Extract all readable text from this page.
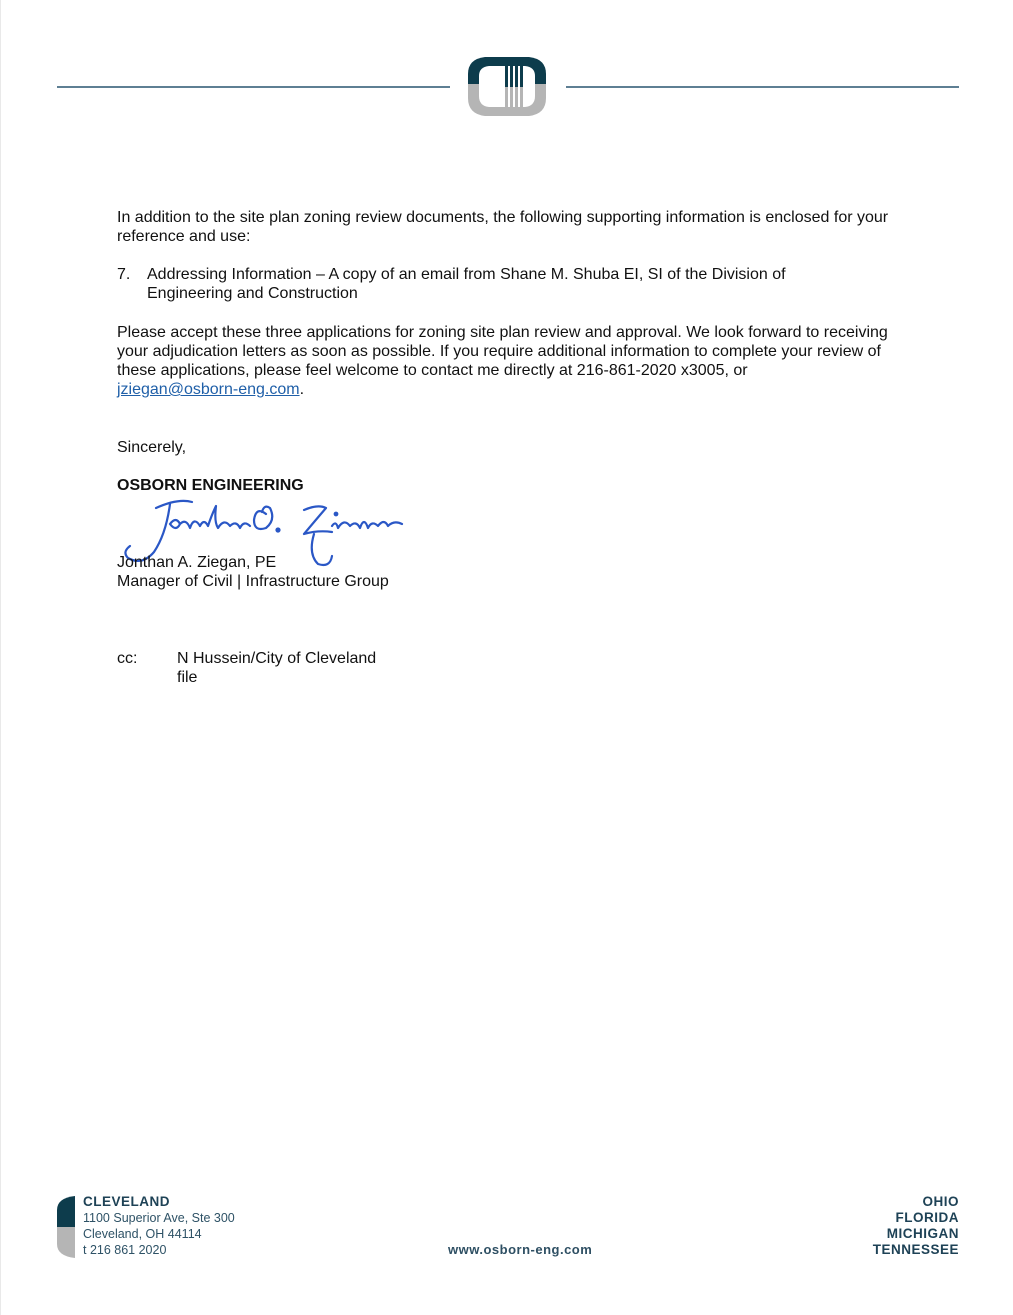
In addition to the site plan zoning review documents, the following supporting information is enclosed for your reference and use:
7. Addressing Information – A copy of an email from Shane M. Shuba EI, SI of the Division of Engineering and Construction
Please accept these three applications for zoning site plan review and approval. We look forward to receiving your adjudication letters as soon as possible. If you require additional information to complete your review of these applications, please feel welcome to contact me directly at 216-861-2020 x3005, or
jziegan@osborn-eng.com.
Sincerely,
OSBORN ENGINEERING
Jonthan A. Ziegan, PE
Manager of Civil | Infrastructure Group
cc: N Hussein/City of Cleveland
file
CLEVELAND
1100 Superior Ave, Ste 300
Cleveland, OH 44114
t 216 861 2020	www.osborn-eng.com
OHIO
FLORIDA
MICHIGAN
TENNESSEE
